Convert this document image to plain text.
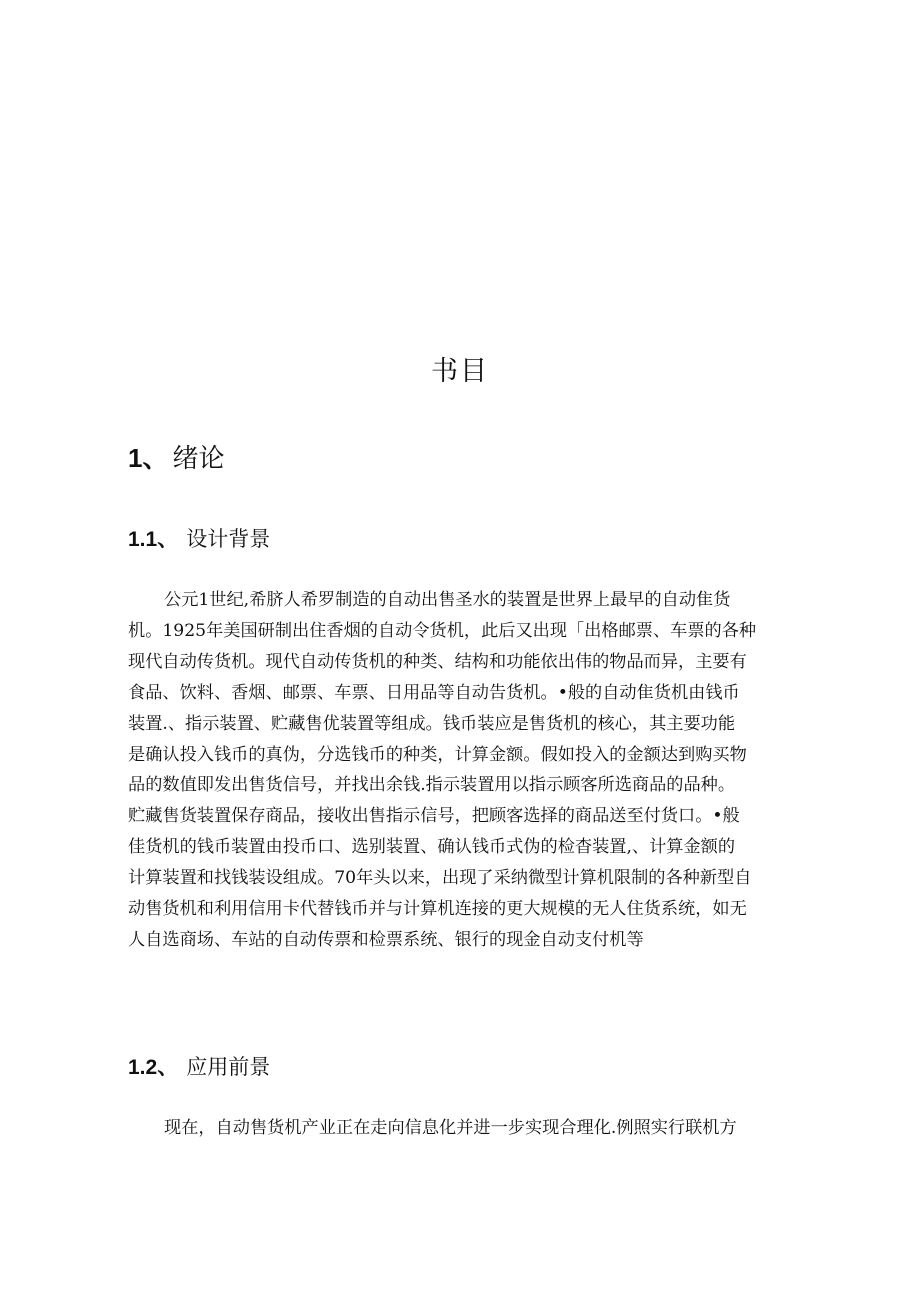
书目
1、 绪论
1.1、 设计背景

公元1世纪,希脐人希罗制造的自动出售圣水的装置是世界上最早的自动隹货
机。1925年美国研制出住香烟的自动令货机，此后又出现「出格邮票、车票的各种
现代自动传货机。现代自动传货机的种类、结构和功能依出伟的物品而异，主要有
食品、饮料、香烟、邮票、车票、日用品等自动告货机。•般的自动隹货机由钱币
装置.、指示装置、贮藏售优装置等组成。钱币装应是售货机的核心，其主要功能
是确认投入钱币的真伪，分选钱币的种类，计算金额。假如投入的金额达到购买物
品的数值即发出售货信号，并找出余钱.指示装置用以指示顾客所选商品的品种。
贮藏售货装置保存商品，接收出售指示信号，把顾客选择的商品送至付货口。•般
佳货机的钱币装置由投币口、选别装置、确认钱币式伪的检杳装置,、计算金额的
计算装置和找钱装设组成。70年头以来，出现了采纳微型计算机限制的各种新型自
动售货机和利用信用卡代替钱币并与计算机连接的更大规模的无人住货系统，如无
人自选商场、车站的自动传票和检票系统、银行的现金自动支付机等

1.2、 应用前景

现在，自动售货机产业正在走向信息化并进一步实现合理化.例照实行联机方
